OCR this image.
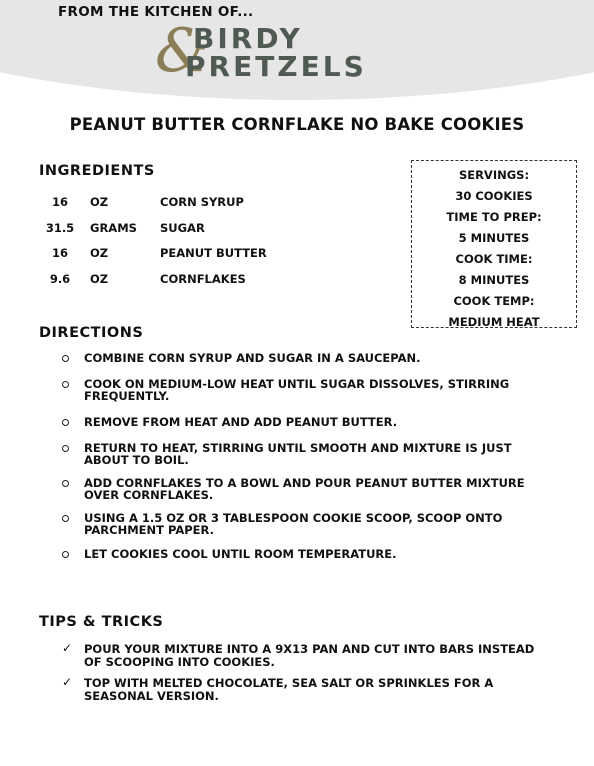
FROM THE KITCHEN OF...
&
BIRDY
PRETZELS
PEANUT BUTTER CORNFLAKE NO BAKE COOKIES
INGREDIENTS
16	OZ	CORN SYRUP
31.5	GRAMS SUGAR
16	OZ	PEANUT BUTTER
9.6	OZ	CORNFLAKES
SERVINGS:
30 COOKIES
TIME TO PREP:
5 MINUTES
COOK TIME:
8 MINUTES
COOK TEMP:
MEDIUM HEAT
DIRECTIONS
COMBINE CORN SYRUP AND SUGAR IN A SAUCEPAN.
COOK ON MEDIUM-LOW HEAT UNTIL SUGAR DISSOLVES, STIRRING FREQUENTLY.
REMOVE FROM HEAT AND ADD PEANUT BUTTER.
RETURN TO HEAT, STIRRING UNTIL SMOOTH AND MIXTURE IS JUST ABOUT TO BOIL.
ADD CORNFLAKES TO A BOWL AND POUR PEANUT BUTTER MIXTURE OVER CORNFLAKES.
USING A 1.5 OZ OR 3 TABLESPOON COOKIE SCOOP, SCOOP ONTO PARCHMENT PAPER.
LET COOKIES COOL UNTIL ROOM TEMPERATURE.
TIPS & TRICKS
✓ POUR YOUR MIXTURE INTO A 9X13 PAN AND CUT INTO BARS INSTEAD OF SCOOPING INTO COOKIES.
✓ TOP WITH MELTED CHOCOLATE, SEA SALT OR SPRINKLES FOR A SEASONAL VERSION.
